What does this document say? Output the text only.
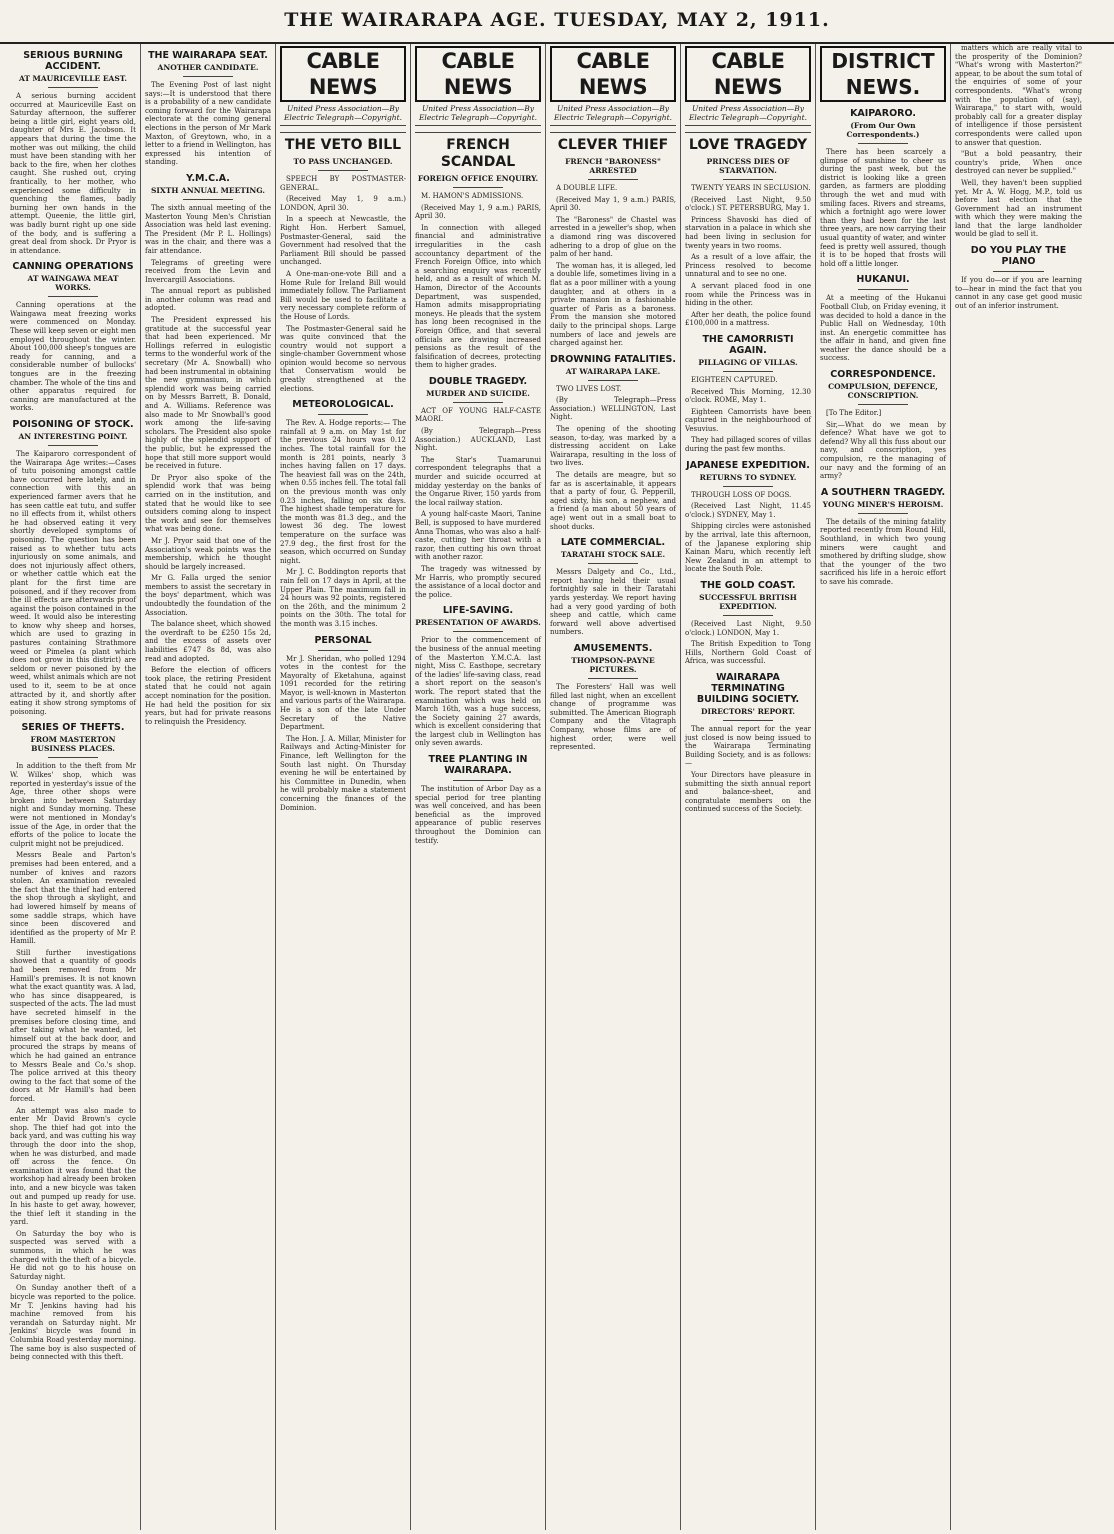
THE WAIRARAPA AGE. TUESDAY, MAY 2, 1911.
SERIOUS BURNING ACCIDENT.
AT MAURICEVILLE EAST.

A serious burning accident occurred at Mauriceville East on Saturday afternoon, the sufferer being a little girl, eight years old, daughter of Mrs E. Jacobson. It appears that during the time the mother was out milking, the child must have been standing with her back to the fire, when her clothes caught. She rushed out, crying frantically, to her mother, who experienced some difficulty in quenching the flames, badly burning her own hands in the attempt. Queenie, the little girl, was badly burnt right up one side of the body, and is suffering a great deal from shock. Dr Pryor is in attendance.

CANNING OPERATIONS
AT WAINGAWA MEAT WORKS.

Canning operations at the Waingawa meat freezing works were commenced on Monday. These will keep seven or eight men employed throughout the winter. About 100,000 sheep's tongues are ready for canning, and a considerable number of bullocks' tongues are in the freezing chamber. The whole of the tins and other apparatus required for canning are manufactured at the works.

POISONING OF STOCK.
AN INTERESTING POINT.

The Kaiparoro correspondent of the Wairarapa Age writes:—Cases of tutu poisoning amongst cattle have occurred here lately, and in connection with this an experienced farmer avers that he has seen cattle eat tutu, and suffer no ill effects from it, whilst others he had observed eating it very shortly developed symptoms of poisoning. The question has been raised as to whether tutu acts injuriously on some animals, and does not injuriously affect others, or whether cattle which eat the plant for the first time are poisoned, and if they recover from the ill effects are afterwards proof against the poison contained in the weed. It would also be interesting to know why sheep and horses, which are used to grazing in pastures containing Strathmore weed or Pimelea (a plant which does not grow in this district) are seldom or never poisoned by the weed, whilst animals which are not used to it, seem to be at once attracted by it, and shortly after eating it show strong symptoms of poisoning.

SERIES OF THEFTS.
FROM MASTERTON BUSINESS PLACES.

In addition to the theft from Mr W. Wilkes' shop, which was reported in yesterday's issue of the Age, three other shops were broken into between Saturday night and Sunday morning. These were not mentioned in Monday's issue of the Age, in order that the efforts of the police to locate the culprit might not be prejudiced.

Messrs Beale and Parton's premises had been entered, and a number of knives and razors stolen. An examination revealed the fact that the thief had entered the shop through a skylight, and had lowered himself by means of some saddle straps, which have since been discovered and identified as the property of Mr P. Hamill.

Still further investigations showed that a quantity of goods had been removed from Mr Hamill's premises. It is not known what the exact quantity was. A lad, who has since disappeared, is suspected of the acts. The lad must have secreted himself in the premises before closing time, and after taking what he wanted, let himself out at the back door, and procured the straps by means of which he had gained an entrance to Messrs Beale and Co.'s shop. The police arrived at this theory owing to the fact that some of the doors at Mr Hamill's had been forced.

An attempt was also made to enter Mr David Brown's cycle shop. The thief had got into the back yard, and was cutting his way through the door into the shop, when he was disturbed, and made off across the fence. On examination it was found that the workshop had already been broken into, and a new bicycle was taken out and pumped up ready for use. In his haste to get away, however, the thief left it standing in the yard.

On Saturday the boy who is suspected was served with a summons, in which he was charged with the theft of a bicycle. He did not go to his house on Saturday night.

On Sunday another theft of a bicycle was reported to the police. Mr T. Jenkins having had his machine removed from his verandah on Saturday night. Mr Jenkins' bicycle was found in Columbia Road yesterday morning. The same boy is also suspected of being connected with this theft.

THE WAIRARAPA SEAT.
ANOTHER CANDIDATE.

The Evening Post of last night says:—It is understood that there is a probability of a new candidate coming forward for the Wairarapa electorate at the coming general elections in the person of Mr Mark Maxton, of Greytown, who, in a letter to a friend in Wellington, has expressed his intention of standing.

Y.M.C.A.
SIXTH ANNUAL MEETING.

The sixth annual meeting of the Masterton Young Men's Christian Association was held last evening. The President (Mr P. L. Hollings) was in the chair, and there was a fair attendance.

Telegrams of greeting were received from the Levin and Invercargill Associations.

The annual report as published in another column was read and adopted.

The President expressed his gratitude at the successful year that had been experienced. Mr Hollings referred in eulogistic terms to the wonderful work of the secretary (Mr A. Snowball) who had been instrumental in obtaining the new gymnasium, in which splendid work was being carried on by Messrs Barrett, B. Donald, and A. Williams. Reference was also made to Mr Snowball's good work among the life-saving scholars. The President also spoke highly of the splendid support of the public, but he expressed the hope that still more support would be received in future.

Dr Pryor also spoke of the splendid work that was being carried on in the institution, and stated that he would like to see outsiders coming along to inspect the work and see for themselves what was being done.

Mr J. Pryor said that one of the Association's weak points was the membership, which he thought should be largely increased.

Mr G. Falla urged the senior members to assist the secretary in the boys' department, which was undoubtedly the foundation of the Association.

The balance sheet, which showed the overdraft to be £250 15s 2d, and the excess of assets over liabilities £747 8s 8d, was also read and adopted.

Before the election of officers took place, the retiring President stated that he could not again accept nomination for the position. He had held the position for six years, but had for private reasons to relinquish the Presidency.

CABLE NEWS
United Press Association—By Electric Telegraph—Copyright.
THE VETO BILL
TO PASS UNCHANGED.

SPEECH BY POSTMASTER-GENERAL.

(Received May 1, 9 a.m.) LONDON, April 30.

In a speech at Newcastle, the Right Hon. Herbert Samuel, Postmaster-General, said the Government had resolved that the Parliament Bill should be passed unchanged.

A One-man-one-vote Bill and a Home Rule for Ireland Bill would immediately follow. The Parliament Bill would be used to facilitate a very necessary complete reform of the House of Lords.

The Postmaster-General said he was quite convinced that the country would not support a single-chamber Government whose opinion would become so nervous that Conservatism would be greatly strengthened at the elections.

METEOROLOGICAL.

The Rev. A. Hodge reports:— The rainfall at 9 a.m. on May 1st for the previous 24 hours was 0.12 inches. The total rainfall for the month is 281 points, nearly 3 inches having fallen on 17 days. The heaviest fall was on the 24th, when 0.55 inches fell. The total fall on the previous month was only 0.23 inches, falling on six days. The highest shade temperature for the month was 81.3 deg., and the lowest 36 deg. The lowest temperature on the surface was 27.9 deg., the first frost for the season, which occurred on Sunday night.

Mr J. C. Boddington reports that rain fell on 17 days in April, at the Upper Plain. The maximum fall in 24 hours was 92 points, registered on the 26th, and the minimum 2 points on the 30th. The total for the month was 3.15 inches.

PERSONAL

Mr J. Sheridan, who polled 1294 votes in the contest for the Mayoralty of Eketahuna, against 1091 recorded for the retiring Mayor, is well-known in Masterton and various parts of the Wairarapa. He is a son of the late Under Secretary of the Native Department.

The Hon. J. A. Millar, Minister for Railways and Acting-Minister for Finance, left Wellington for the South last night. On Thursday evening he will be entertained by his Committee in Dunedin, when he will probably make a statement concerning the finances of the Dominion.

CABLE NEWS
United Press Association—By Electric Telegraph—Copyright.
FRENCH SCANDAL
FOREIGN OFFICE ENQUIRY.

M. HAMON'S ADMISSIONS.

(Received May 1, 9 a.m.) PARIS, April 30.

In connection with alleged financial and administrative irregularities in the cash accountancy department of the French Foreign Office, into which a searching enquiry was recently held, and as a result of which M. Hamon, Director of the Accounts Department, was suspended, Hamon admits misappropriating moneys. He pleads that the system has long been recognised in the Foreign Office, and that several officials are drawing increased pensions as the result of the falsification of decrees, protecting them to higher grades.

DOUBLE TRAGEDY.
MURDER AND SUICIDE.

ACT OF YOUNG HALF-CASTE MAORI.

(By Telegraph—Press Association.) AUCKLAND, Last Night.

The Star's Tuamarunui correspondent telegraphs that a murder and suicide occurred at midday yesterday on the banks of the Ongarue River, 150 yards from the local railway station.

A young half-caste Maori, Tanine Bell, is supposed to have murdered Anna Thomas, who was also a half-caste, cutting her throat with a razor, then cutting his own throat with another razor.

The tragedy was witnessed by Mr Harris, who promptly secured the assistance of a local doctor and the police.

LIFE-SAVING.
PRESENTATION OF AWARDS.

Prior to the commencement of the business of the annual meeting of the Masterton Y.M.C.A. last night, Miss C. Easthope, secretary of the ladies' life-saving class, read a short report on the season's work. The report stated that the examination which was held on March 16th, was a huge success, the Society gaining 27 awards, which is excellent considering that the largest club in Wellington has only seven awards.

TREE PLANTING IN WAIRARAPA.

The institution of Arbor Day as a special period for tree planting was well conceived, and has been beneficial as the improved appearance of public reserves throughout the Dominion can testify.

CABLE NEWS
United Press Association—By Electric Telegraph—Copyright.
CLEVER THIEF
FRENCH "BARONESS" ARRESTED

A DOUBLE LIFE.

(Received May 1, 9 a.m.) PARIS, April 30.

The "Baroness" de Chastel was arrested in a jeweller's shop, when a diamond ring was discovered adhering to a drop of glue on the palm of her hand.

The woman has, it is alleged, led a double life, sometimes living in a flat as a poor milliner with a young daughter, and at others in a private mansion in a fashionable quarter of Paris as a baroness. From the mansion she motored daily to the principal shops. Large numbers of lace and jewels are charged against her.

DROWNING FATALITIES.
AT WAIRARAPA LAKE.

TWO LIVES LOST.

(By Telegraph—Press Association.) WELLINGTON, Last Night.

The opening of the shooting season, to-day, was marked by a distressing accident on Lake Wairarapa, resulting in the loss of two lives.

The details are meagre, but so far as is ascertainable, it appears that a party of four, G. Pepperill, aged sixty, his son, a nephew, and a friend (a man about 50 years of age) went out in a small boat to shoot ducks.

LATE COMMERCIAL.
TARATAHI STOCK SALE.

Messrs Dalgety and Co., Ltd., report having held their usual fortnightly sale in their Taratahi yards yesterday. We report having had a very good yarding of both sheep and cattle, which came forward well above advertised numbers.

AMUSEMENTS.
THOMPSON-PAYNE PICTURES.

The Foresters' Hall was well filled last night, when an excellent change of programme was submitted. The American Biograph Company and the Vitagraph Company, whose films are of highest order, were well represented.

CABLE NEWS
United Press Association—By Electric Telegraph—Copyright.
LOVE TRAGEDY
PRINCESS DIES OF STARVATION.

TWENTY YEARS IN SECLUSION.

(Received Last Night, 9.50 o'clock.) ST. PETERSBURG, May 1.

Princess Shavoski has died of starvation in a palace in which she had been living in seclusion for twenty years in two rooms.

As a result of a love affair, the Princess resolved to become unnatural and to see no one.

A servant placed food in one room while the Princess was in hiding in the other.

After her death, the police found £100,000 in a mattress.

THE CAMORRISTI AGAIN.
PILLAGING OF VILLAS.

EIGHTEEN CAPTURED.

Received This Morning, 12.30 o'clock. ROME, May 1.

Eighteen Camorrists have been captured in the neighbourhood of Vesuvius.

They had pillaged scores of villas during the past few months.

JAPANESE EXPEDITION.
RETURNS TO SYDNEY.

THROUGH LOSS OF DOGS.

(Received Last Night, 11.45 o'clock.) SYDNEY, May 1.

Shipping circles were astonished by the arrival, late this afternoon, of the Japanese exploring ship Kainan Maru, which recently left New Zealand in an attempt to locate the South Pole.

THE GOLD COAST.
SUCCESSFUL BRITISH EXPEDITION.

(Received Last Night, 9.50 o'clock.) LONDON, May 1.

The British Expedition to Tong Hills, Northern Gold Coast of Africa, was successful.

WAIRARAPA TERMINATING BUILDING SOCIETY.
DIRECTORS' REPORT.

The annual report for the year just closed is now being issued to the Wairarapa Terminating Building Society, and is as follows:—

Your Directors have pleasure in submitting the sixth annual report and balance-sheet, and congratulate members on the continued success of the Society.

DISTRICT NEWS.
KAIPARORO.
(From Our Own Correspondents.)

There has been scarcely a glimpse of sunshine to cheer us during the past week, but the district is looking like a green garden, as farmers are plodding through the wet and mud with smiling faces. Rivers and streams, which a fortnight ago were lower than they had been for the last three years, are now carrying their usual quantity of water, and winter feed is pretty well assured, though it is to be hoped that frosts will hold off a little longer.

HUKANUI.

At a meeting of the Hukanui Football Club, on Friday evening, it was decided to hold a dance in the Public Hall on Wednesday, 10th inst. An energetic committee has the affair in hand, and given fine weather the dance should be a success.

CORRESPONDENCE.
COMPULSION, DEFENCE, CONSCRIPTION.

[To The Editor.]

Sir,—What do we mean by defence? What have we got to defend? Why all this fuss about our navy, and conscription, yes compulsion, re the managing of our navy and the forming of an army?

A SOUTHERN TRAGEDY.
YOUNG MINER'S HEROISM.

The details of the mining fatality reported recently from Round Hill, Southland, in which two young miners were caught and smothered by drifting sludge, show that the younger of the two sacrificed his life in a heroic effort to save his comrade.

matters which are really vital to the prosperity of the Dominion? "What's wrong with Masterton?" appear, to be about the sum total of the enquiries of some of your correspondents. "What's wrong with the population of (say), Wairarapa," to start with, would probably call for a greater display of intelligence if those persistent correspondents were called upon to answer that question.

"But a bold peasantry, their country's pride, When once destroyed can never be supplied."

Well, they haven't been supplied yet. Mr A. W. Hogg, M.P., told us before last election that the Government had an instrument with which they were making the land that the large landholder would be glad to sell it.

DO YOU PLAY THE PIANO

If you do—or if you are learning to—hear in mind the fact that you cannot in any case get good music out of an inferior instrument.
